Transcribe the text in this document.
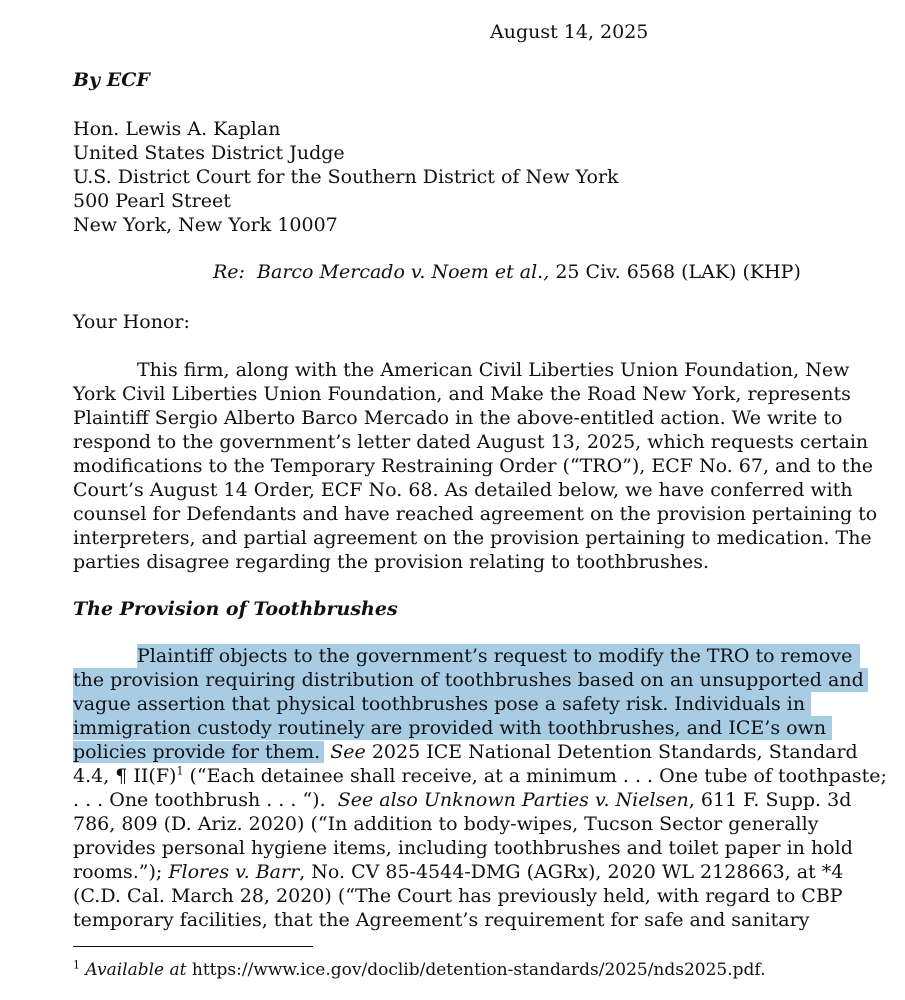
August 14, 2025
By ECF
Hon. Lewis A. Kaplan
United States District Judge
U.S. District Court for the Southern District of New York
500 Pearl Street
New York, New York 10007
Re: Barco Mercado v. Noem et al., 25 Civ. 6568 (LAK) (KHP)
Your Honor:
This firm, along with the American Civil Liberties Union Foundation, New
York Civil Liberties Union Foundation, and Make the Road New York, represents
Plaintiff Sergio Alberto Barco Mercado in the above-entitled action. We write to
respond to the government’s letter dated August 13, 2025, which requests certain
modifications to the Temporary Restraining Order (“TRO”), ECF No. 67, and to the
Court’s August 14 Order, ECF No. 68. As detailed below, we have conferred with
counsel for Defendants and have reached agreement on the provision pertaining to
interpreters, and partial agreement on the provision pertaining to medication. The
parties disagree regarding the provision relating to toothbrushes.
The Provision of Toothbrushes
Plaintiff objects to the government’s request to modify the TRO to remove
the provision requiring distribution of toothbrushes based on an unsupported and
vague assertion that physical toothbrushes pose a safety risk. Individuals in
immigration custody routinely are provided with toothbrushes, and ICE’s own
policies provide for them. See 2025 ICE National Detention Standards, Standard
4.4, ¶ II(F)$^1$ (“Each detainee shall receive, at a minimum . . . One tube of toothpaste;
. . . One toothbrush . . . “). See also Unknown Parties v. Nielsen, 611 F. Supp. 3d
786, 809 (D. Ariz. 2020) (“In addition to body-wipes, Tucson Sector generally
provides personal hygiene items, including toothbrushes and toilet paper in hold
rooms.”); Flores v. Barr, No. CV 85-4544-DMG (AGRx), 2020 WL 2128663, at *4
(C.D. Cal. March 28, 2020) (“The Court has previously held, with regard to CBP
temporary facilities, that the Agreement’s requirement for safe and sanitary
$^1$ Available at https://www.ice.gov/doclib/detention-standards/2025/nds2025.pdf.
